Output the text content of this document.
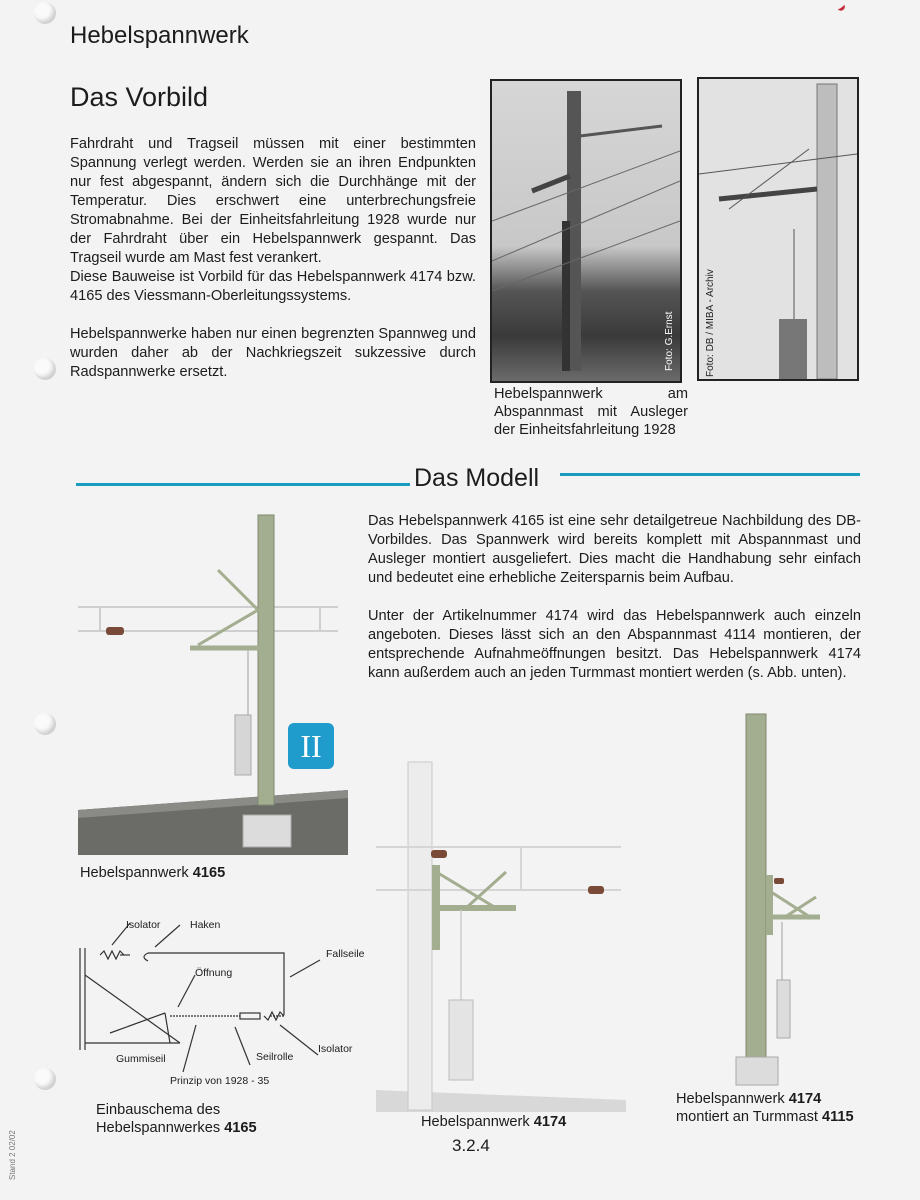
Hebelspannwerk
Das Vorbild

Fahrdraht und Tragseil müssen mit einer bestimmten Spannung verlegt werden. Werden sie an ihren Endpunkten nur fest abgespannt, ändern sich die Durchhänge mit der Temperatur. Dies erschwert eine unterbrechungsfreie Stromabnahme. Bei der Einheitsfahrleitung 1928 wurde nur der Fahrdraht über ein Hebelspannwerk gespannt. Das Tragseil wurde am Mast fest verankert.

Diese Bauweise ist Vorbild für das Hebelspannwerk 4174 bzw. 4165 des Viessmann-Oberleitungssystems.

Hebelspannwerke haben nur einen begrenzten Spannweg und wurden daher ab der Nachkriegszeit sukzessive durch Radspannwerke ersetzt.

Foto: G.Ernst	Foto: DB / MIBA - Archiv
Hebelspannwerk am Abspannmast mit Ausleger der Einheitsfahrleitung 1928
Das Modell

Das Hebelspannwerk 4165 ist eine sehr detailgetreue Nachbildung des DB-Vorbildes. Das Spannwerk wird bereits komplett mit Abspannmast und Ausleger montiert ausgeliefert. Dies macht die Handhabung sehr einfach und bedeutet eine erhebliche Zeitersparnis beim Aufbau.

Unter der Artikelnummer 4174 wird das Hebelspannwerk auch einzeln angeboten. Dieses lässt sich an den Abspannmast 4114 montieren, der entsprechende Aufnahmeöffnungen besitzt. Das Hebelspannwerk 4174 kann außerdem auch an jeden Turmmast montiert werden (s. Abb. unten).

II
Hebelspannwerk 4165
Isolator	Haken
Fallseile
Öffnung
Gummiseil	Seilrolle
Isolator
Prinzip von 1928 - 35
Einbauschema des
Hebelspannwerkes 4165	Hebelspannwerk 4174
3.2.4
Hebelspannwerk 4174
montiert an Turmmast 4115
Stand 2 02/02
